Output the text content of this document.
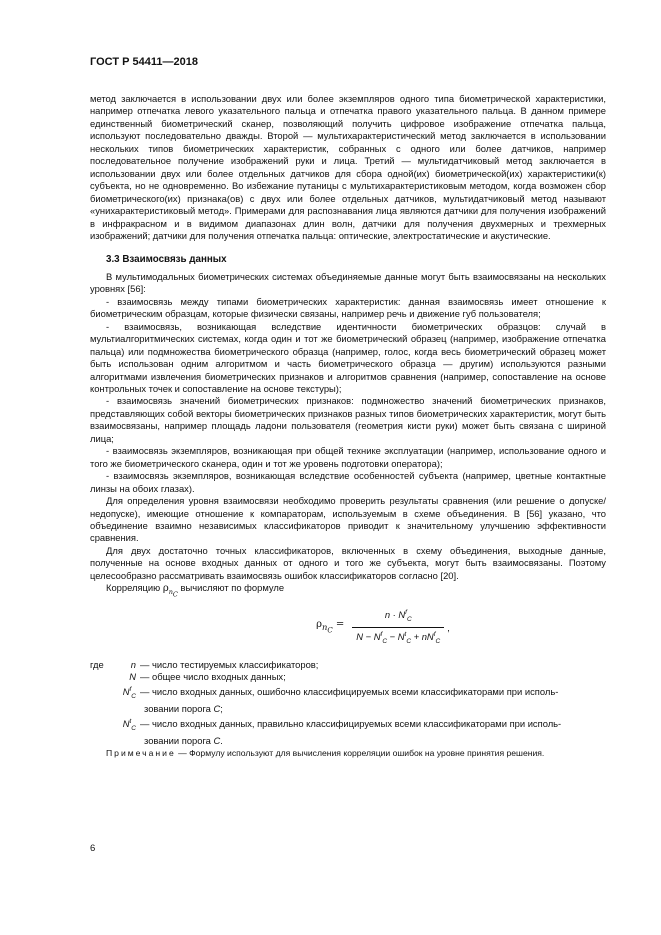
ГОСТ Р 54411—2018

метод заключается в использовании двух или более экземпляров одного типа биометрической характеристики, например отпечатка левого указательного пальца и отпечатка правого указательного пальца. В данном примере единственный биометрический сканер, позволяющий получить цифровое изображение отпечатка пальца, используют последовательно дважды. Второй — мультихарактеристический метод заключается в использовании нескольких типов биометрических характеристик, собранных с одного или более датчиков, например последовательное получение изображений руки и лица. Третий — мультидатчиковый метод заключается в использовании двух или более отдельных датчиков для сбора одной(их) биометрической(их) характеристики(к) субъекта, но не одновременно. Во избежание путаницы с мультихарактеристиковым методом, когда возможен сбор биометрического(их) признака(ов) с двух или более отдельных датчиков, мультидатчиковый метод называют «унихарактеристиковый метод». Примерами для распознавания лица являются датчики для получения изображений в инфракрасном и в видимом диапазонах длин волн, датчики для получения двухмерных и трехмерных изображений; датчики для получения отпечатка пальца: оптические, электростатические и акустические.

3.3 Взаимосвязь данных

В мультимодальных биометрических системах объединяемые данные могут быть взаимосвязаны на нескольких уровнях [56]:

- взаимосвязь между типами биометрических характеристик: данная взаимосвязь имеет отношение к биометрическим образцам, которые физически связаны, например речь и движение губ пользователя;

- взаимосвязь, возникающая вследствие идентичности биометрических образцов: случай в мультиалгоритмических системах, когда один и тот же биометрический образец (например, изображение отпечатка пальца) или подмножества биометрического образца (например, голос, когда весь биометрический образец может быть использован одним алгоритмом и часть биометрического образца — другим) используются разными алгоритмами извлечения биометрических признаков и алгоритмов сравнения (например, сопоставление на основе контрольных точек и сопоставление на основе текстуры);

- взаимосвязь значений биометрических признаков: подмножество значений биометрических признаков, представляющих собой векторы биометрических признаков разных типов биометрических характеристик, могут быть взаимосвязаны, например площадь ладони пользователя (геометрия кисти руки) может быть связана с шириной лица;

- взаимосвязь экземпляров, возникающая при общей технике эксплуатации (например, использование одного и того же биометрического сканера, один и тот же уровень подготовки оператора);

- взаимосвязь экземпляров, возникающая вследствие особенностей субъекта (например, цветные контактные линзы на обоих глазах).

Для определения уровня взаимосвязи необходимо проверить результаты сравнения (или решение о допуске/недопуске), имеющие отношение к компараторам, используемым в схеме объединения. В [56] указано, что объединение взаимно независимых классификаторов приводит к значительному улучшению эффективности сравнения.

Для двух достаточно точных классификаторов, включенных в схему объединения, выходные данные, полученные на основе входных данных от одного и того же субъекта, могут быть взаимосвязаны. Поэтому целесообразно рассматривать взаимосвязь ошибок классификаторов согласно [20].

Корреляцию $\rho_{n_C}$ вычисляют по формуле

$\rho_{n_C} = \frac{n \cdot N^f_C}{N - N^f_C - N^t_C + nN^f_C}$ ,
где	n — число тестируемых классификаторов;
N — общее число входных данных;
$N^f_C$ — число входных данных, ошибочно классифицируемых всеми классификаторами при исполь-
зовании порога C;
$N^t_C$ — число входных данных, правильно классифицируемых всеми классификаторами при исполь-
зовании порога C.

Примечание — Формулу используют для вычисления корреляции ошибок на уровне принятия решения.

6
